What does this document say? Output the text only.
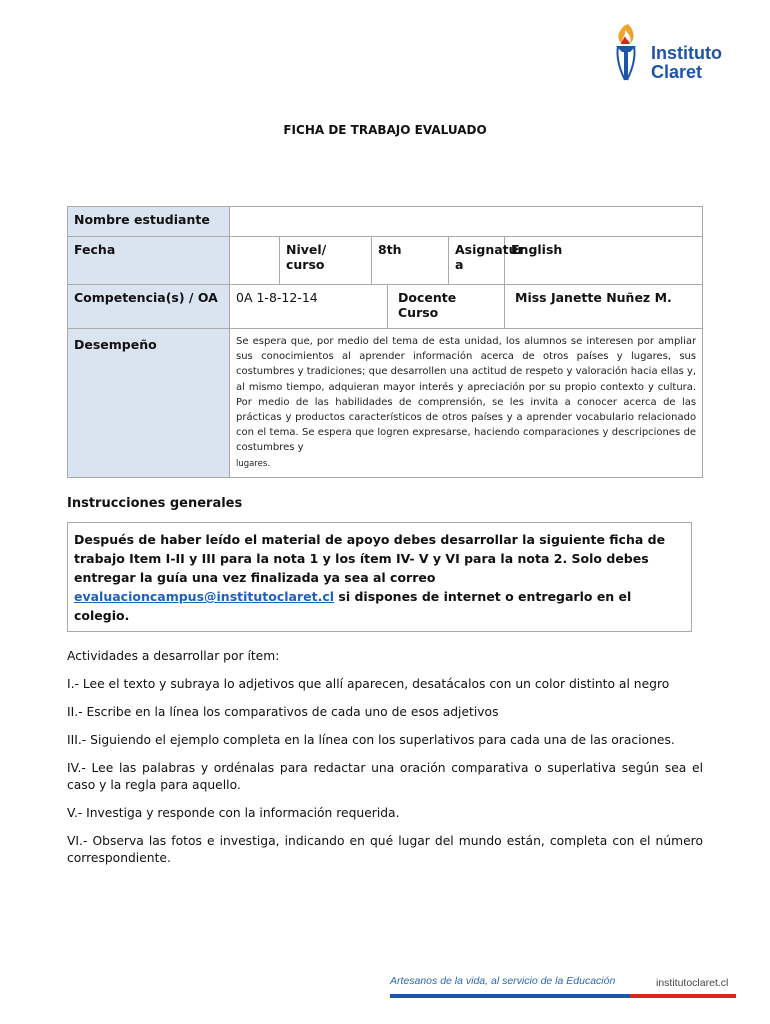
Instituto
Claret
FICHA DE TRABAJO EVALUADO
Nombre estudiante						
Fecha		Nivel/ curso	8th		Asignatur a	English
Competencia(s) / OA	0A 1-8-12-14			Docente Curso		Miss Janette Nuñez M.
Desempeño	Se espera que, por medio del tema de esta unidad, los alumnos se interesen por ampliar sus conocimientos al aprender información acerca de otros países y lugares, sus costumbres y tradiciones; que desarrollen una actitud de respeto y valoración hacia ellas y, al mismo tiempo, adquieran mayor interés y apreciación por su propio contexto y cultura. Por medio de las habilidades de comprensión, se les invita a conocer acerca de las prácticas y productos característicos de otros países y a aprender vocabulario relacionado con el tema. Se espera que logren expresarse, haciendo comparaciones y descripciones de costumbres y
lugares.					
Instrucciones generales
Después de haber leído el material de apoyo debes desarrollar la siguiente ficha de trabajo Item I-II y III para la nota 1 y los ítem IV- V y VI para la nota 2. Solo debes entregar la guía una vez finalizada ya sea al correo evaluacioncampus@institutoclaret.cl si dispones de internet o entregarlo en el colegio.

Actividades a desarrollar por ítem:

I.- Lee el texto y subraya lo adjetivos que allí aparecen, desatácalos con un color distinto al negro

II.- Escribe en la línea los comparativos de cada uno de esos adjetivos

III.- Siguiendo el ejemplo completa en la línea con los superlativos para cada una de las oraciones.

IV.- Lee las palabras y ordénalas para redactar una oración comparativa o superlativa según sea el caso y la regla para aquello.

V.- Investiga y responde con la información requerida.

VI.- Observa las fotos e investiga, indicando en qué lugar del mundo están, completa con el número correspondiente.

Artesanos de la vida, al servicio de la Educación	institutoclaret.cl
